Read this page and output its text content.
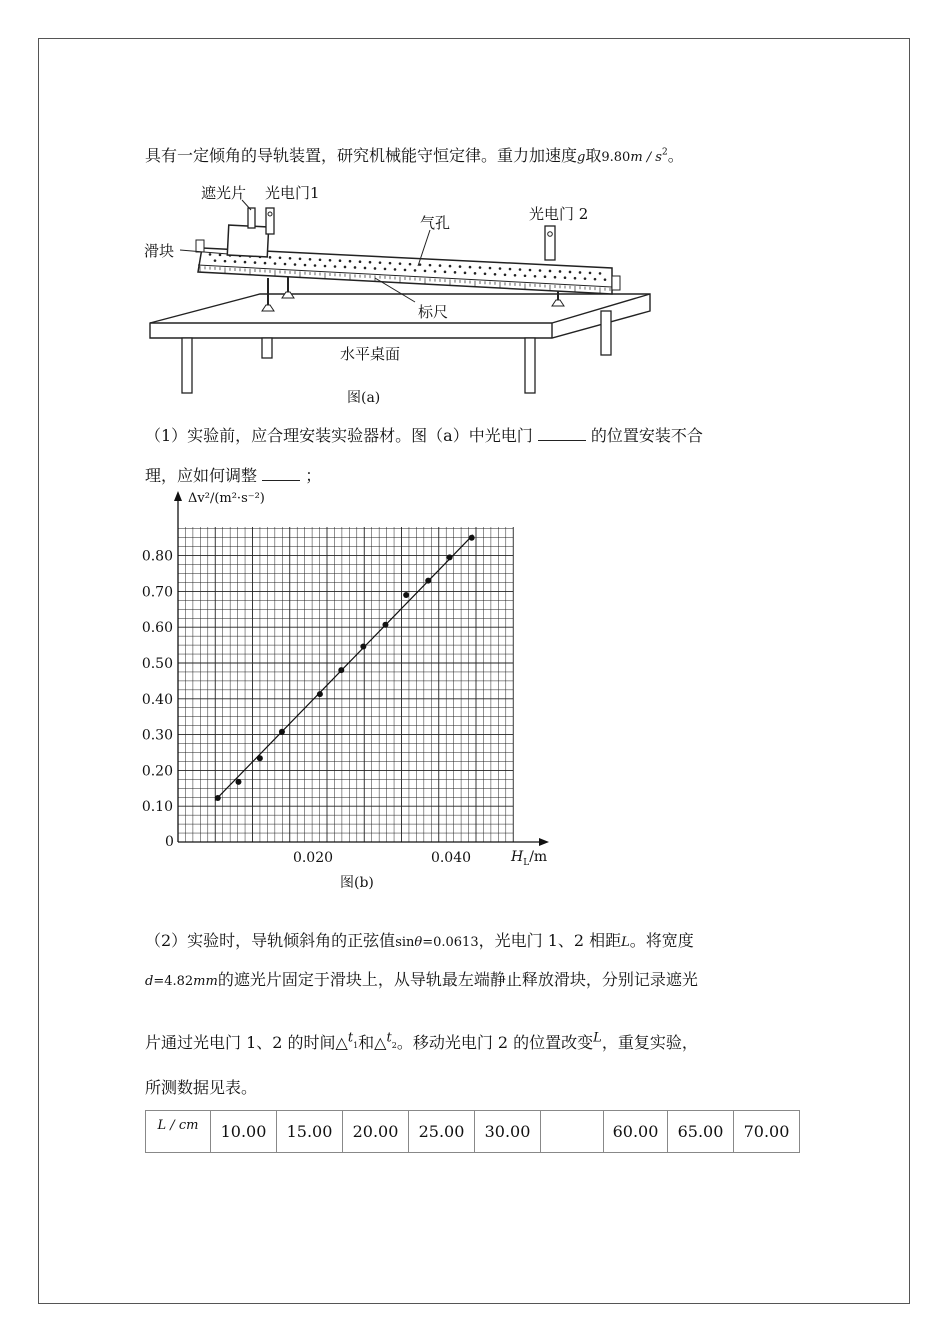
具有一定倾角的导轨装置，研究机械能守恒定律。重力加速度g取$9.80m / s^2$。
遮光片 光电门1
光电门 2
气孔
滑块
标尺
水平桌面
图(a)
（1）实验前，应合理安装实验器材。图（a）中光电门	的位置安装不合
理，应如何调整	；
0.10
0.20
0.30
0.40
0.50
0.60
0.70
0.80
0.020	0.040
Δv²/(m²·s⁻²)
0
$H_L/m$
图(b)
（2）实验时，导轨倾斜角的正弦值sinθ=0.0613，光电门 1、2 相距L。将宽度
d=4.82mm的遮光片固定于滑块上，从导轨最左端静止释放滑块，分别记录遮光
片通过光电门 1、2 的时间△$^t$1和△$^t$2。移动光电门 2 的位置改变$^L$，重复实验，
所测数据见表。
L / cm	10.00	15.00	20.00	25.00	30.00		60.00	65.00	70.00
